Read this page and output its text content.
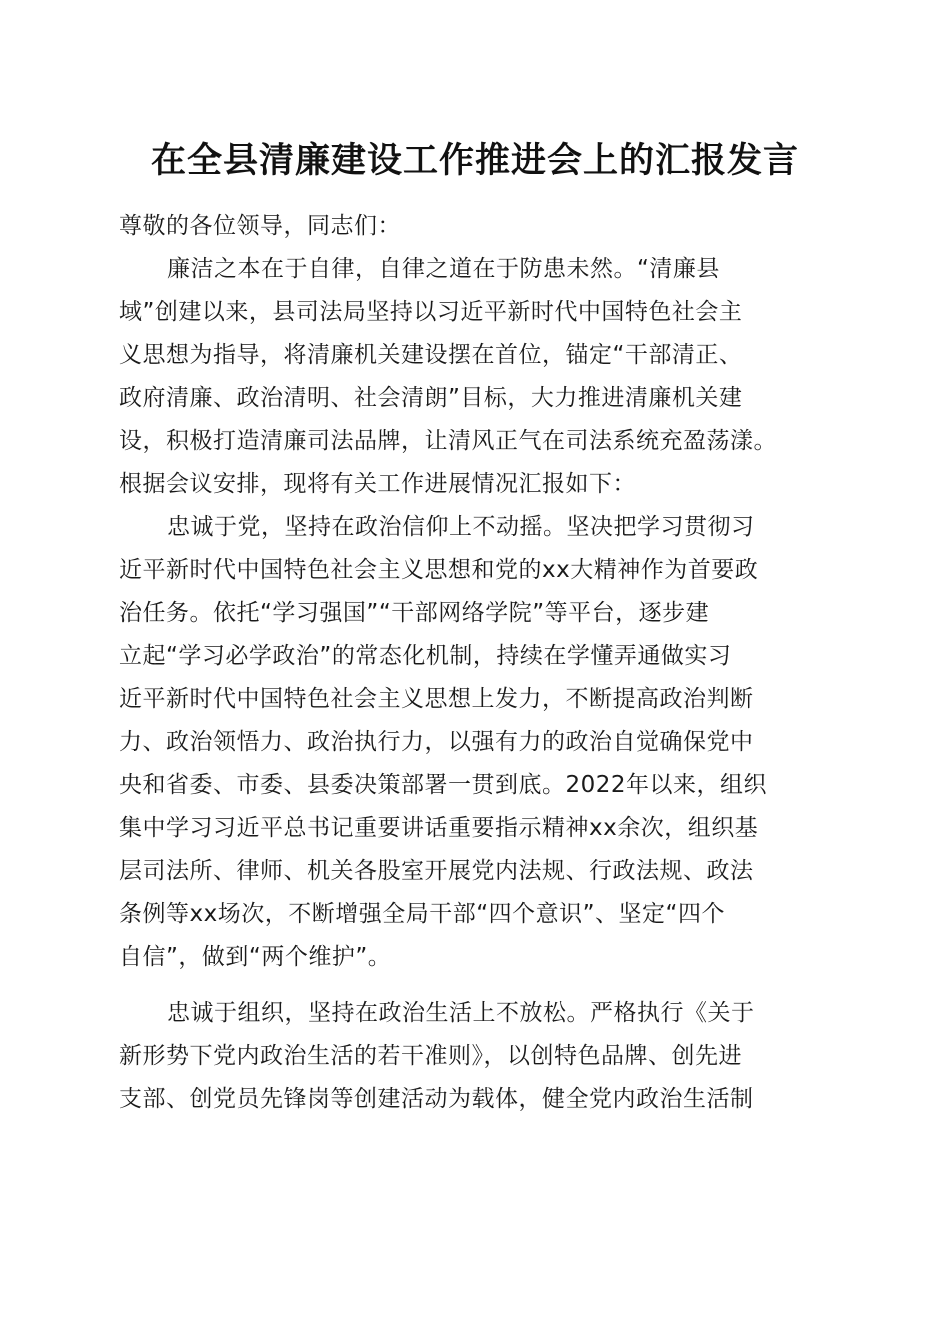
在全县清廉建设工作推进会上的汇报发言
尊敬的各位领导，同志们：
廉洁之本在于自律，自律之道在于防患未然。“清廉县
域”创建以来，县司法局坚持以习近平新时代中国特色社会主
义思想为指导，将清廉机关建设摆在首位，锚定“干部清正、
政府清廉、政治清明、社会清朗”目标，大力推进清廉机关建
设，积极打造清廉司法品牌，让清风正气在司法系统充盈荡漾。
根据会议安排，现将有关工作进展情况汇报如下：
忠诚于党，坚持在政治信仰上不动摇。坚决把学习贯彻习
近平新时代中国特色社会主义思想和党的xx大精神作为首要政
治任务。依托“学习强国”“干部网络学院”等平台，逐步建
立起“学习必学政治”的常态化机制，持续在学懂弄通做实习
近平新时代中国特色社会主义思想上发力，不断提高政治判断
力、政治领悟力、政治执行力，以强有力的政治自觉确保党中
央和省委、市委、县委决策部署一贯到底。2022年以来，组织
集中学习习近平总书记重要讲话重要指示精神xx余次，组织基
层司法所、律师、机关各股室开展党内法规、行政法规、政法
条例等xx场次，不断增强全局干部“四个意识”、坚定“四个
自信”，做到“两个维护”。
忠诚于组织，坚持在政治生活上不放松。严格执行《关于
新形势下党内政治生活的若干准则》，以创特色品牌、创先进
支部、创党员先锋岗等创建活动为载体，健全党内政治生活制
